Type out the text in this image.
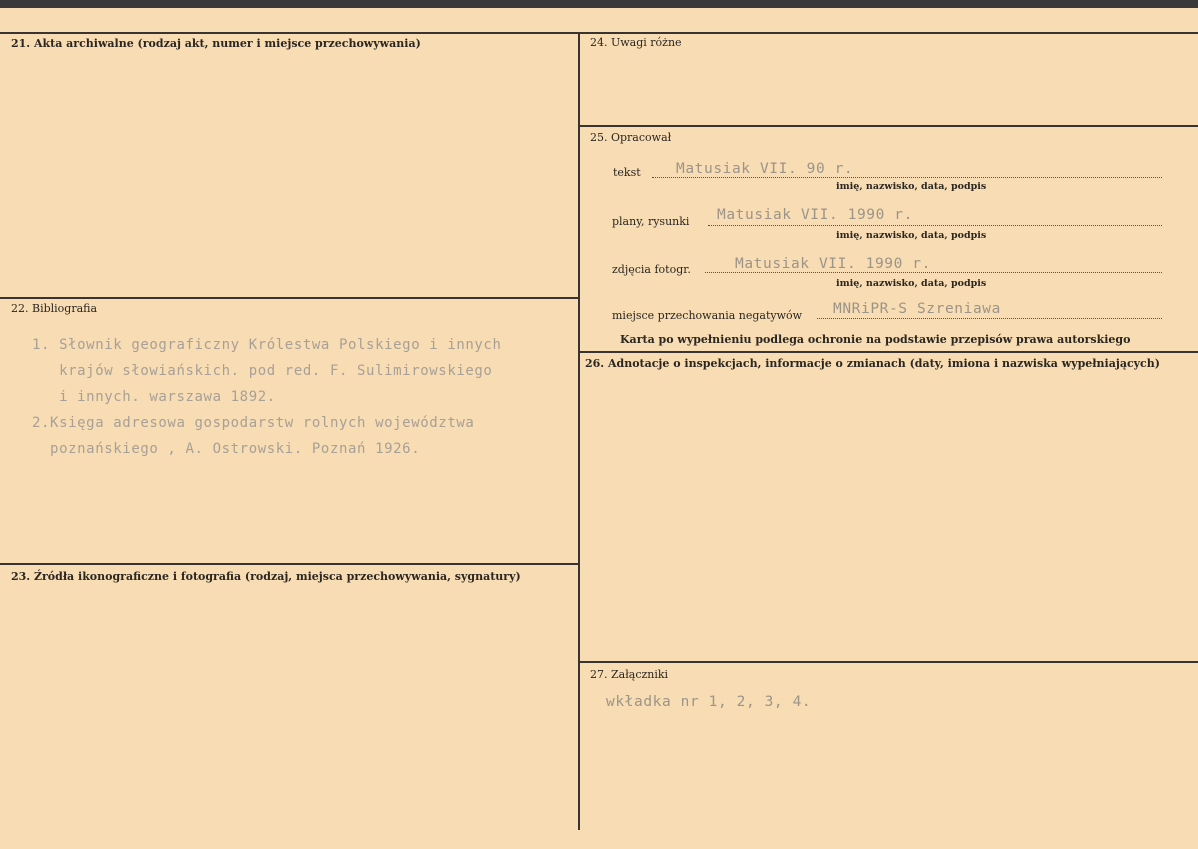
21. Akta archiwalne (rodzaj akt, numer i miejsce przechowywania)
22. Bibliografia
1. Słownik geograficzny Królestwa Polskiego i innych
krajów słowiańskich. pod red. F. Sulimirowskiego
i innych. warszawa 1892.
2.Księga adresowa gospodarstw rolnych województwa
poznańskiego , A. Ostrowski. Poznań 1926.
23. Źródła ikonograficzne i fotografia (rodzaj, miejsca przechowywania, sygnatury)
24. Uwagi różne
25. Opracował
tekst Matusiak VII. 90 r.
imię, nazwisko, data, podpis
plany, rysunki Matusiak VII. 1990 r.
imię, nazwisko, data, podpis
zdjęcia fotogr.	Matusiak VII. 1990 r.
imię, nazwisko, data, podpis
miejsce przechowania negatywów MNRiPR-S Szreniawa
Karta po wypełnieniu podlega ochronie na podstawie przepisów prawa autorskiego
26. Adnotacje o inspekcjach, informacje o zmianach (daty, imiona i nazwiska wypełniających)
27. Załączniki
wkładka nr 1, 2, 3, 4.
